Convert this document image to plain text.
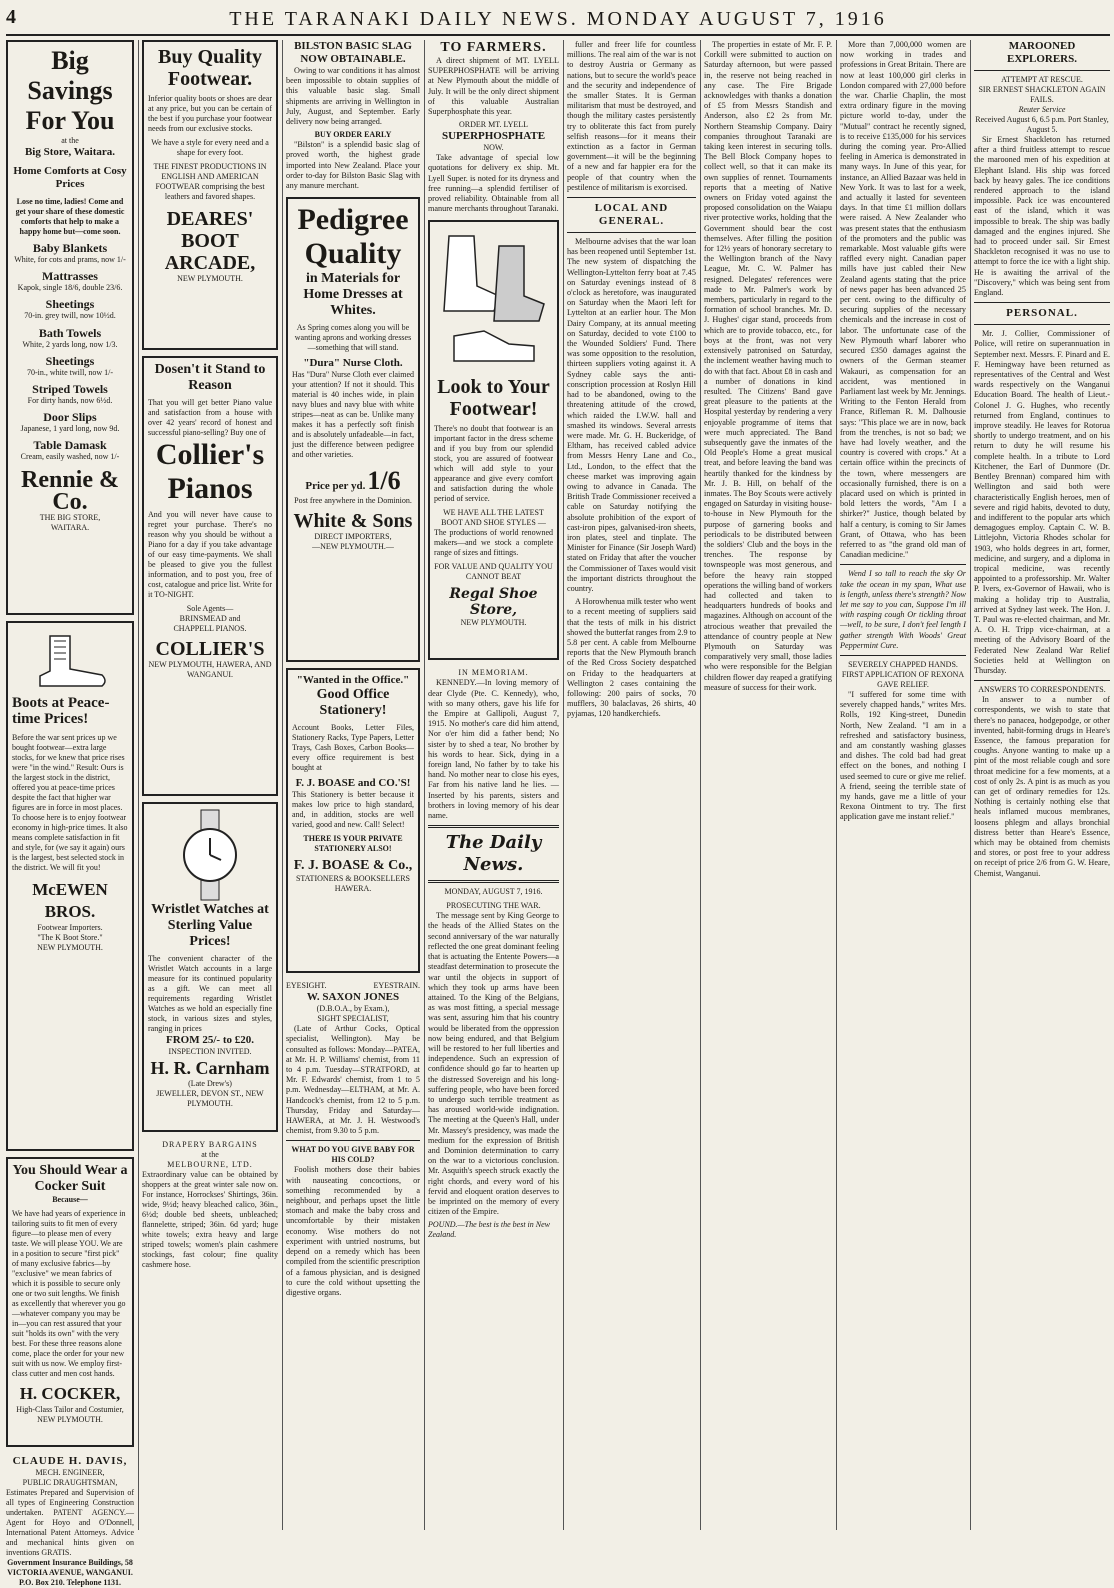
4	THE TARANAKI DAILY NEWS. MONDAY AUGUST 7, 1916
Big Savings
For You
at the
Big Store, Waitara.
Home Comforts at Cosy Prices
Lose no time, ladies! Come and get your share of these domestic comforts that help to make a happy home but—come soon.
Baby Blankets
White, for cots and prams, now 1/-
Mattrasses
Kapok, single 18/6, double 23/6.
Sheetings
70-in. grey twill, now 10½d.
Bath Towels
White, 2 yards long, now 1/3.
Sheetings
70-in., white twill, now 1/-
Striped Towels
For dirty hands, now 6½d.
Door Slips
Japanese, 1 yard long, now 9d.
Table Damask
Cream, easily washed, now 1/-
Rennie & Co.
THE BIG STORE,
WAITARA.
Boots at Peace-time Prices!
Before the war sent prices up we bought footwear—extra large stocks, for we knew that price rises were "in the wind." Result: Ours is the largest stock in the district, offered you at peace-time prices despite the fact that higher war figures are in force in most places. To choose here is to enjoy footwear economy in high-price times. It also means complete satisfaction in fit and style, for (we say it again) ours is the largest, best selected stock in the district. We will fit you!
McEWEN BROS.
Footwear Importers.
"The K Boot Store."
NEW PLYMOUTH.
You Should Wear a Cocker Suit
Because—
We have had years of experience in tailoring suits to fit men of every figure—to please men of every taste. We will please YOU. We are in a position to secure "first pick" of many exclusive fabrics—by "exclusive" we mean fabrics of which it is possible to secure only one or two suit lengths. We finish as excellently that wherever you go—whatever company you may be in—you can rest assured that your suit "holds its own" with the very best. For these three reasons alone come, place the order for your new suit with us now. We employ first-class cutter and men cost hands.
H. COCKER,
High-Class Tailor and Costumier,
NEW PLYMOUTH.
CLAUDE H. DAVIS,
MECH. ENGINEER,
PUBLIC DRAUGHTSMAN,
Estimates Prepared and Supervision of all types of Engineering Construction undertaken. PATENT AGENCY.—Agent for Hoyo and O'Donnell, International Patent Attorneys. Advice and mechanical hints given on inventions GRATIS.
Government Insurance Buildings, 58 VICTORIA AVENUE, WANGANUI. P.O. Box 210. Telephone 1131.
Buy Quality Footwear.
Inferior quality boots or shoes are dear at any price, but you can be certain of the best if you purchase your footwear needs from our exclusive stocks.
We have a style for every need and a shape for every foot.
THE FINEST PRODUCTIONS IN ENGLISH AND AMERICAN FOOTWEAR comprising the best leathers and favored shapes.
DEARES'
BOOT
ARCADE,
NEW PLYMOUTH.
Dosen't it Stand to Reason
That you will get better Piano value and satisfaction from a house with over 42 years' record of honest and successful piano-selling? Buy one of
Collier's
Pianos
And you will never have cause to regret your purchase. There's no reason why you should be without a Piano for a day if you take advantage of our easy time-payments. We shall be pleased to give you the fullest information, and to post you, free of cost, catalogue and price list. Write for it TO-NIGHT.
Sole Agents—
BRINSMEAD and
CHAPPELL PIANOS.
COLLIER'S
NEW PLYMOUTH, HAWERA, AND WANGANUI.
Wristlet Watches at Sterling Value Prices!
The convenient character of the Wristlet Watch accounts in a large measure for its continued popularity as a gift. We can meet all requirements regarding Wristlet Watches as we hold an especially fine stock, in various sizes and styles, ranging in prices
FROM 25/- to £20.
INSPECTION INVITED.
H. R. Carnham
(Late Drew's)
JEWELLER, DEVON ST., NEW PLYMOUTH.
DRAPERY BARGAINS
at the
MELBOURNE, LTD.
Extraordinary value can be obtained by shoppers at the great winter sale now on. For instance, Horrockses' Shirtings, 36in. wide, 9½d; heavy bleached calico, 36in., 6½d; double bed sheets, unbleached; flannelette, striped; 36in. 6d yard; huge white towels; extra heavy and large striped towels; women's plain cashmere stockings, fast colour; fine quality cashmere hose.
BILSTON BASIC SLAG NOW OBTAINABLE.

Owing to war conditions it has almost been impossible to obtain supplies of this valuable basic slag. Small shipments are arriving in Wellington in July, August, and September. Early delivery now being arranged.

BUY ORDER EARLY

"Bilston" is a splendid basic slag of proved worth, the highest grade imported into New Zealand. Place your order to-day for Bilston Basic Slag with any manure merchant.

Pedigree
Quality
in Materials for Home Dresses at Whites.
As Spring comes along you will be wanting aprons and working dresses—something that will stand.
"Dura" Nurse Cloth.
Has "Dura" Nurse Cloth ever claimed your attention? If not it should. This material is 40 inches wide, in plain navy blues and navy blue with white stripes—neat as can be. Unlike many makes it has a perfectly soft finish and is absolutely unfadeable—in fact, just the difference between pedigree and other varieties.
Price per yd. 1/6
Post free anywhere in the Dominion.
White & Sons
DIRECT IMPORTERS,
—NEW PLYMOUTH.—
"Wanted in the Office."
Good Office Stationery!
Account Books, Letter Files, Stationery Racks, Type Papers, Letter Trays, Cash Boxes, Carbon Books—every office requirement is best bought at
F. J. BOASE and CO.'S!
This Stationery is better because it makes low price to high standard, and, in addition, stocks are well varied, good and new. Call! Select!
THERE IS YOUR PRIVATE STATIONERY ALSO!
F. J. BOASE & Co.,
STATIONERS & BOOKSELLERS
HAWERA.
EYESIGHT.	EYESTRAIN.
W. SAXON JONES
(D.B.O.A., by Exam.),
SIGHT SPECIALIST,

(Late of Arthur Cocks, Optical specialist, Wellington). May be consulted as follows: Monday—PATEA, at Mr. H. P. Williams' chemist, from 11 to 4 p.m. Tuesday—STRATFORD, at Mr. F. Edwards' chemist, from 1 to 5 p.m. Wednesday—ELTHAM, at Mr. A. Handcock's chemist, from 12 to 5 p.m. Thursday, Friday and Saturday—HAWERA, at Mr. J. H. Westwood's chemist, from 9.30 to 5 p.m.

WHAT DO YOU GIVE BABY FOR HIS COLD?

Foolish mothers dose their babies with nauseating concoctions, or something recommended by a neighbour, and perhaps upset the little stomach and make the baby cross and uncomfortable by their mistaken economy. Wise mothers do not experiment with untried nostrums, but depend on a remedy which has been compiled from the scientific prescription of a famous physician, and is designed to cure the cold without upsetting the digestive organs.

TO FARMERS.

A direct shipment of MT. LYELL SUPERPHOSPHATE will be arriving at New Plymouth about the middle of July. It will be the only direct shipment of this valuable Australian Superphosphate this year.

ORDER MT. LYELL
SUPERPHOSPHATE
NOW.

Take advantage of special low quotations for delivery ex ship. Mt. Lyell Super. is noted for its dryness and free running—a splendid fertiliser of proved reliability. Obtainable from all manure merchants throughout Taranaki.

Look to Your
Footwear!
There's no doubt that footwear is an important factor in the dress scheme and if you buy from our splendid stock, you are assured of footwear which will add style to your appearance and give every comfort and satisfaction during the whole period of service.
WE HAVE ALL THE LATEST BOOT AND SHOE STYLES —
The productions of world renowned makers—and we stock a complete range of sizes and fittings.
FOR VALUE AND QUALITY YOU CANNOT BEAT
Regal Shoe Store,
NEW PLYMOUTH.
IN MEMORIAM.

KENNEDY.—In loving memory of dear Clyde (Pte. C. Kennedy), who, with so many others, gave his life for the Empire at Gallipoli, August 7, 1915. No mother's care did him attend, Nor o'er him did a father bend; No sister by to shed a tear, No brother by his words to hear. Sick, dying in a foreign land, No father by to take his hand. No mother near to close his eyes, Far from his native land he lies. —Inserted by his parents, sisters and brothers in loving memory of his dear name.

The Daily News.
MONDAY, AUGUST 7, 1916.
PROSECUTING THE WAR.

The message sent by King George to the heads of the Allied States on the second anniversary of the war naturally reflected the one great dominant feeling that is actuating the Entente Powers—a steadfast determination to prosecute the war until the objects in support of which they took up arms have been attained. To the King of the Belgians, as was most fitting, a special message was sent, assuring him that his country would be liberated from the oppression now being endured, and that Belgium will be restored to her full liberties and independence. Such an expression of confidence should go far to hearten up the distressed Sovereign and his long-suffering people, who have been forced to undergo such terrible treatment as has aroused world-wide indignation. The meeting at the Queen's Hall, under Mr. Massey's presidency, was made the medium for the expression of British and Dominion determination to carry on the war to a victorious conclusion. Mr. Asquith's speech struck exactly the right chords, and every word of his fervid and eloquent oration deserves to be imprinted on the memory of every citizen of the Empire.

POUND.—The best is the best in New Zealand.

fuller and freer life for countless millions. The real aim of the war is not to destroy Austria or Germany as nations, but to secure the world's peace and the security and independence of the smaller States. It is German militarism that must be destroyed, and though the military castes persistently try to obliterate this fact from purely selfish reasons—for it means their extinction as a factor in German government—it will be the beginning of a new and far happier era for the people of that country when the pestilence of militarism is exorcised.

LOCAL AND GENERAL.

Melbourne advises that the war loan has been reopened until September 1st. The new system of dispatching the Wellington-Lyttelton ferry boat at 7.45 on Saturday evenings instead of 8 o'clock as heretofore, was inaugurated on Saturday when the Maori left for Lyttelton at an earlier hour. The Mon Dairy Company, at its annual meeting on Saturday, decided to vote £100 to the Wounded Soldiers' Fund. There was some opposition to the resolution, thirteen suppliers voting against it. A Sydney cable says the anti-conscription procession at Roslyn Hill had to be abandoned, owing to the threatening attitude of the crowd, which raided the I.W.W. hall and smashed its windows. Several arrests were made. Mr. G. H. Buckeridge, of Eltham, has received cabled advice from Messrs Henry Lane and Co., Ltd., London, to the effect that the cheese market was improving again owing to advance in Canada. The British Trade Commissioner received a cable on Saturday notifying the absolute prohibition of the export of cast-iron pipes, galvanised-iron sheets, iron plates, steel and tinplate. The Minister for Finance (Sir Joseph Ward) stated on Friday that after the voucher the Commissioner of Taxes would visit the important districts throughout the country.

A Horowhenua milk tester who went to a recent meeting of suppliers said that the tests of milk in his district showed the butterfat ranges from 2.9 to 5.8 per cent. A cable from Melbourne reports that the New Plymouth branch of the Red Cross Society despatched on Friday to the headquarters at Wellington 2 cases containing the following: 200 pairs of socks, 70 mufflers, 30 balaclavas, 26 shirts, 40 pyjamas, 120 handkerchiefs.

The properties in estate of Mr. F. P. Corkill were submitted to auction on Saturday afternoon, but were passed in, the reserve not being reached in any case. The Fire Brigade acknowledges with thanks a donation of £5 from Messrs Standish and Anderson, also £2 2s from Mr. Northern Steamship Company. Dairy companies throughout Taranaki are taking keen interest in securing tolls. The Bell Block Company hopes to collect well, so that it can make its own supplies of rennet. Tournaments reports that a meeting of Native owners on Friday voted against the proposed consolidation on the Waiapu river protective works, holding that the Government should bear the cost themselves. After filling the position for 12½ years of honorary secretary to the Wellington branch of the Navy League, Mr. C. W. Palmer has resigned. Delegates' references were made to Mr. Palmer's work by members, particularly in regard to the formation of school branches. Mr. D. J. Hughes' cigar stand, proceeds from which are to provide tobacco, etc., for boys at the front, was not very extensively patronised on Saturday, the inclement weather having much to do with that fact. About £8 in cash and a number of donations in kind resulted. The Citizens' Band gave great pleasure to the patients at the Hospital yesterday by rendering a very enjoyable programme of items that were much appreciated. The Band subsequently gave the inmates of the Old People's Home a great musical treat, and before leaving the band was heartily thanked for the kindness by Mr. J. B. Hill, on behalf of the inmates. The Boy Scouts were actively engaged on Saturday in visiting house-to-house in New Plymouth for the purpose of garnering books and periodicals to be distributed between the soldiers' Club and the boys in the trenches. The response by townspeople was most generous, and before the heavy rain stopped operations the willing band of workers had collected and taken to headquarters hundreds of books and magazines. Although on account of the atrocious weather that prevailed the attendance of country people at New Plymouth on Saturday was comparatively very small, those ladies who were responsible for the Belgian children flower day reaped a gratifying measure of success for their work.

More than 7,000,000 women are now working in trades and professions in Great Britain. There are now at least 100,000 girl clerks in London compared with 27,000 before the war. Charlie Chaplin, the most extra ordinary figure in the moving picture world to-day, under the "Mutual" contract he recently signed, is to receive £135,000 for his services during the coming year. Pro-Allied feeling in America is demonstrated in many ways. In June of this year, for instance, an Allied Bazaar was held in New York. It was to last for a week, and actually it lasted for seventeen days. In that time £1 million dollars were raised. A New Zealander who was present states that the enthusiasm of the promoters and the public was remarkable. Most valuable gifts were raffled every night. Canadian paper mills have just cabled their New Zealand agents stating that the price of news paper has been advanced 25 per cent. owing to the difficulty of securing supplies of the necessary chemicals and the increase in cost of labor. The unfortunate case of the New Plymouth wharf laborer who secured £350 damages against the owners of the German steamer Wakauri, as compensation for an accident, was mentioned in Parliament last week by Mr. Jennings. Writing to the Fenton Herald from France, Rifleman R. M. Dalhousie says: "This place we are in now, back from the trenches, is not so bad; we have had lovely weather, and the country is covered with crops." At a certain office within the precincts of the town, where messengers are occasionally furnished, there is on a placard used on which is printed in bold letters the words, "Am I a shirker?" Justice, though belated by half a century, is coming to Sir James Grant, of Ottawa, who has been referred to as "the grand old man of Canadian medicine."

Wend I so tall to reach the sky Or take the ocean in my span, What use is length, unless there's strength? Now let me say to you can, Suppose I'm ill with rasping cough Or tickling throat—well, to be sure, I don't feel length I gather strength With Woods' Great Peppermint Cure.

SEVERELY CHAPPED HANDS. FIRST APPLICATION OF REXONA GAVE RELIEF.

"I suffered for some time with severely chapped hands," writes Mrs. Rolls, 192 King-street, Dunedin North, New Zealand. "I am in a refreshed and satisfactory business, and am constantly washing glasses and dishes. The cold bad had great effect on the bones, and nothing I used seemed to cure or give me relief. A friend, seeing the terrible state of my hands, gave me a little of your Rexona Ointment to try. The first application gave me instant relief."

MAROONED EXPLORERS.
ATTEMPT AT RESCUE.
SIR ERNEST SHACKLETON AGAIN FAILS.
Reuter Service
Received August 6, 6.5 p.m. Port Stanley, August 5.

Sir Ernest Shackleton has returned after a third fruitless attempt to rescue the marooned men of his expedition at Elephant Island. His ship was forced back by heavy gales. The ice conditions rendered approach to the island impossible. Pack ice was encountered east of the island, which it was impossible to break. The ship was badly damaged and the engines injured. She had to proceed under sail. Sir Ernest Shackleton recognised it was no use to attempt to force the ice with a light ship. He is awaiting the arrival of the "Discovery," which was being sent from England.

PERSONAL.

Mr. J. Collier, Commissioner of Police, will retire on superannuation in September next. Messrs. F. Pinard and E. F. Hemingway have been returned as representatives of the Central and West wards respectively on the Wanganui Education Board. The health of Lieut.-Colonel J. G. Hughes, who recently returned from England, continues to improve steadily. He leaves for Rotorua shortly to undergo treatment, and on his return to duty he will resume his complete health. In a tribute to Lord Kitchener, the Earl of Dunmore (Dr. Bentley Brennan) compared him with Wellington and said both were characteristically English heroes, men of severe and rigid habits, devoted to duty, and indifferent to the popular arts which demagogues employ. Captain C. W. B. Littlejohn, Victoria Rhodes scholar for 1903, who holds degrees in art, former, medicine, and surgery, and a diploma in tropical medicine, was recently appointed to a professorship. Mr. Walter P. Ivers, ex-Governor of Hawaii, who is making a holiday trip to Australia, arrived at Sydney last week. The Hon. J. T. Paul was re-elected chairman, and Mr. A. O. H. Tripp vice-chairman, at a meeting of the Advisory Board of the Federated New Zealand War Relief Societies held at Wellington on Thursday.

ANSWERS TO CORRESPONDENTS.

In answer to a number of correspondents, we wish to state that there's no panacea, hodgepodge, or other invented, habit-forming drugs in Heare's Essence, the famous preparation for coughs. Anyone wanting to make up a pint of the most reliable cough and sore throat medicine for a few moments, at a cost of only 2s. A pint is as much as you can get of ordinary remedies for 12s. Nothing is certainly nothing else that heals inflamed mucous membranes, loosens phlegm and allays bronchial distress better than Heare's Essence, which may be obtained from chemists and stores, or post free to your address on receipt of price 2/6 from G. W. Heare, Chemist, Wanganui.
